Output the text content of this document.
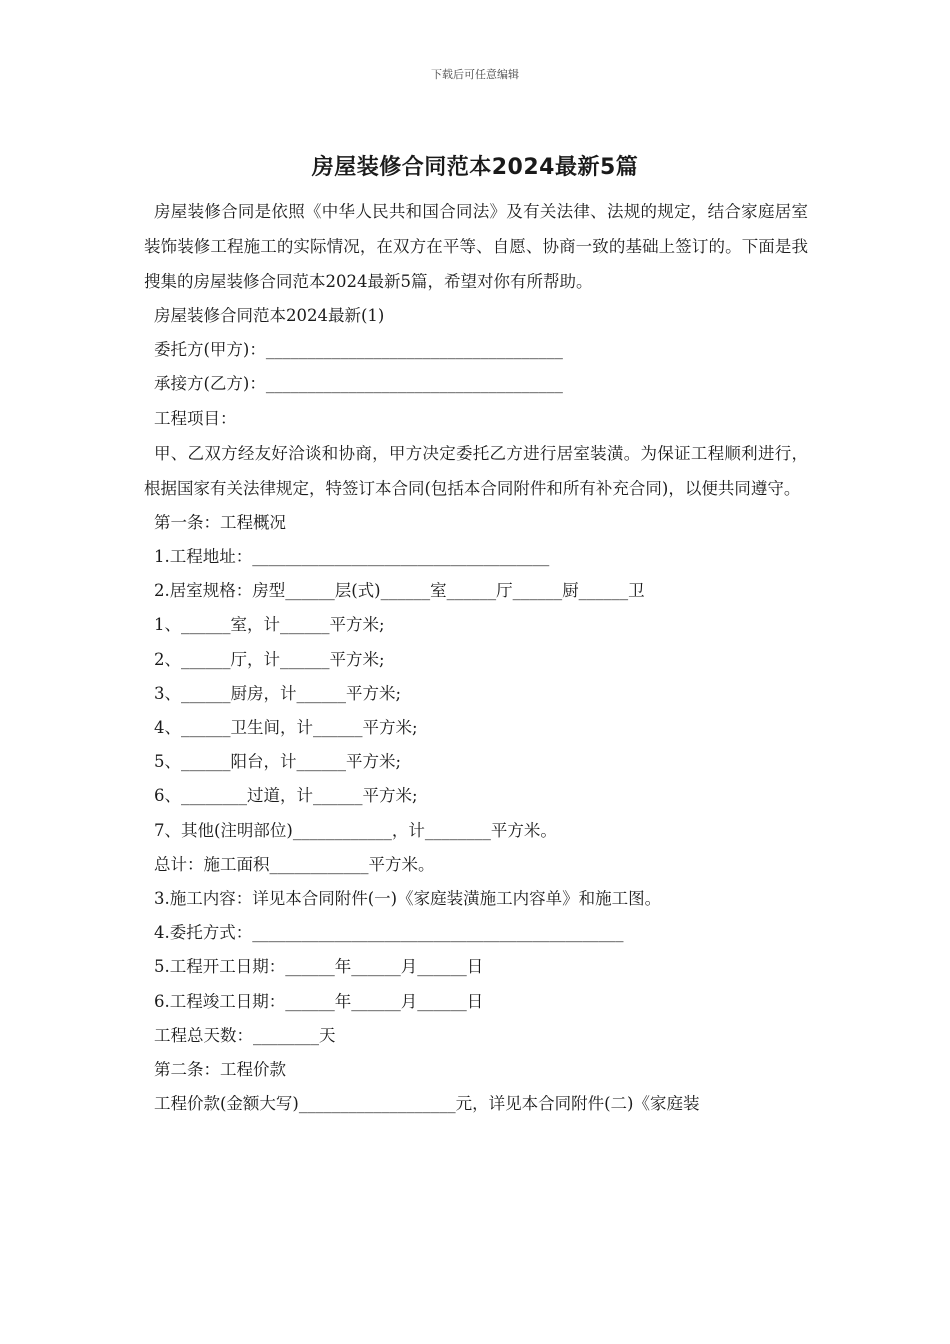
下载后可任意编辑
房屋装修合同范本2024最新5篇

房屋装修合同是依照《中华人民共和国合同法》及有关法律、法规的规定，结合家庭居室装饰装修工程施工的实际情况，在双方在平等、自愿、协商一致的基础上签订的。下面是我搜集的房屋装修合同范本2024最新5篇，希望对你有所帮助。

房屋装修合同范本2024最新(1)

委托方(甲方)：____________________________________

承接方(乙方)：____________________________________

工程项目：

甲、乙双方经友好洽谈和协商，甲方决定委托乙方进行居室装潢。为保证工程顺利进行，根据国家有关法律规定，特签订本合同(包括本合同附件和所有补充合同)，以便共同遵守。

第一条：工程概况

1.工程地址：____________________________________

2.居室规格：房型______层(式)______室______厅______厨______卫

1、______室，计______平方米;

2、______厅，计______平方米;

3、______厨房，计______平方米;

4、______卫生间，计______平方米;

5、______阳台，计______平方米;

6、________过道，计______平方米;

7、其他(注明部位)____________，计________平方米。

总计：施工面积____________平方米。

3.施工内容：详见本合同附件(一)《家庭装潢施工内容单》和施工图。

4.委托方式：_____________________________________________

5.工程开工日期：______年______月______日

6.工程竣工日期：______年______月______日

工程总天数：________天

第二条：工程价款

工程价款(金额大写)___________________元，详见本合同附件(二)《家庭装
